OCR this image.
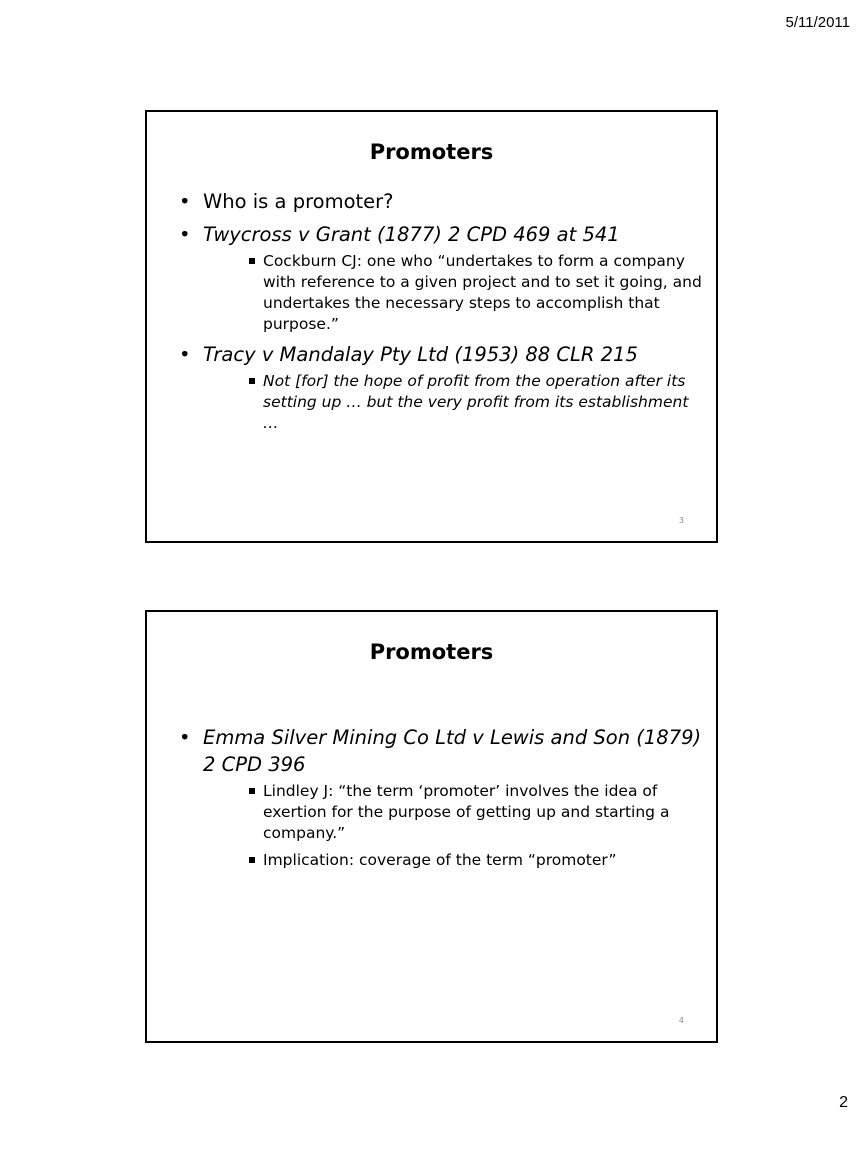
5/11/2011
Promoters
• Who is a promoter?
• Twycross v Grant (1877) 2 CPD 469 at 541
Cockburn CJ: one who “undertakes to form a company with reference to a given project and to set it going, and undertakes the necessary steps to accomplish that purpose.”
• Tracy v Mandalay Pty Ltd (1953) 88 CLR 215
Not [for] the hope of profit from the operation after its setting up … but the very profit from its establishment …
3
Promoters
• Emma Silver Mining Co Ltd v Lewis and Son (1879) 2 CPD 396
Lindley J: “the term ‘promoter’ involves the idea of exertion for the purpose of getting up and starting a company.”
Implication: coverage of the term “promoter”
4
2
